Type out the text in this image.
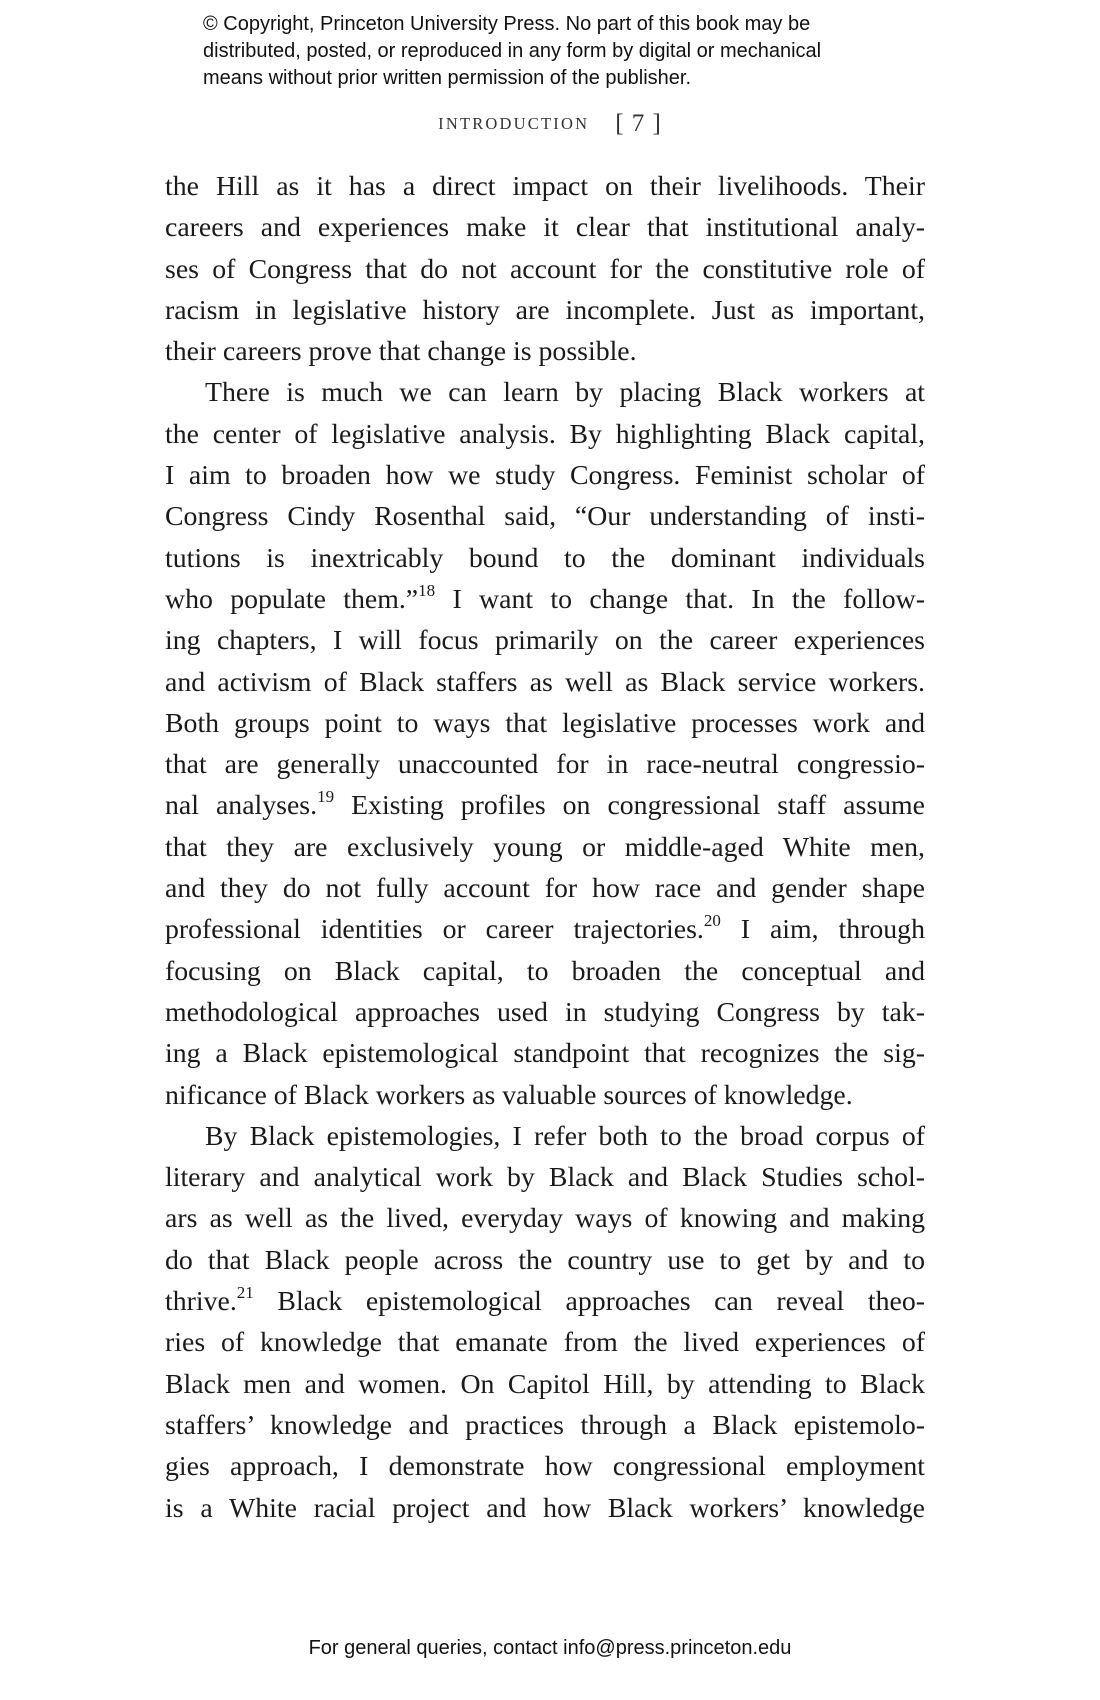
© Copyright, Princeton University Press. No part of this book may be
distributed, posted, or reproduced in any form by digital or mechanical
means without prior written permission of the publisher.
INTRODUCTION [ 7 ]
the Hill as it has a direct impact on their livelihoods. Their
careers and experiences make it clear that institutional analy-
ses of Congress that do not account for the constitutive role of
racism in legislative history are incomplete. Just as important,
their careers prove that change is possible.
There is much we can learn by placing Black workers at
the center of legislative analysis. By highlighting Black capital,
I aim to broaden how we study Congress. Feminist scholar of
Congress Cindy Rosenthal said, “Our understanding of insti-
tutions is inextricably bound to the dominant individuals
who populate them.”$^{18}$ I want to change that. In the follow-
ing chapters, I will focus primarily on the career experiences
and activism of Black staffers as well as Black service workers.
Both groups point to ways that legislative processes work and
that are generally unaccounted for in race-neutral congressio-
nal analyses.$^{19}$ Existing profiles on congressional staff assume
that they are exclusively young or middle-aged White men,
and they do not fully account for how race and gender shape
professional identities or career trajectories.$^{20}$ I aim, through
focusing on Black capital, to broaden the conceptual and
methodological approaches used in studying Congress by tak-
ing a Black epistemological standpoint that recognizes the sig-
nificance of Black workers as valuable sources of knowledge.
By Black epistemologies, I refer both to the broad corpus of
literary and analytical work by Black and Black Studies schol-
ars as well as the lived, everyday ways of knowing and making
do that Black people across the country use to get by and to
thrive.$^{21}$ Black epistemological approaches can reveal theo-
ries of knowledge that emanate from the lived experiences of
Black men and women. On Capitol Hill, by attending to Black
staffers’ knowledge and practices through a Black epistemolo-
gies approach, I demonstrate how congressional employment
is a White racial project and how Black workers’ knowledge
For general queries, contact info@press.princeton.edu
